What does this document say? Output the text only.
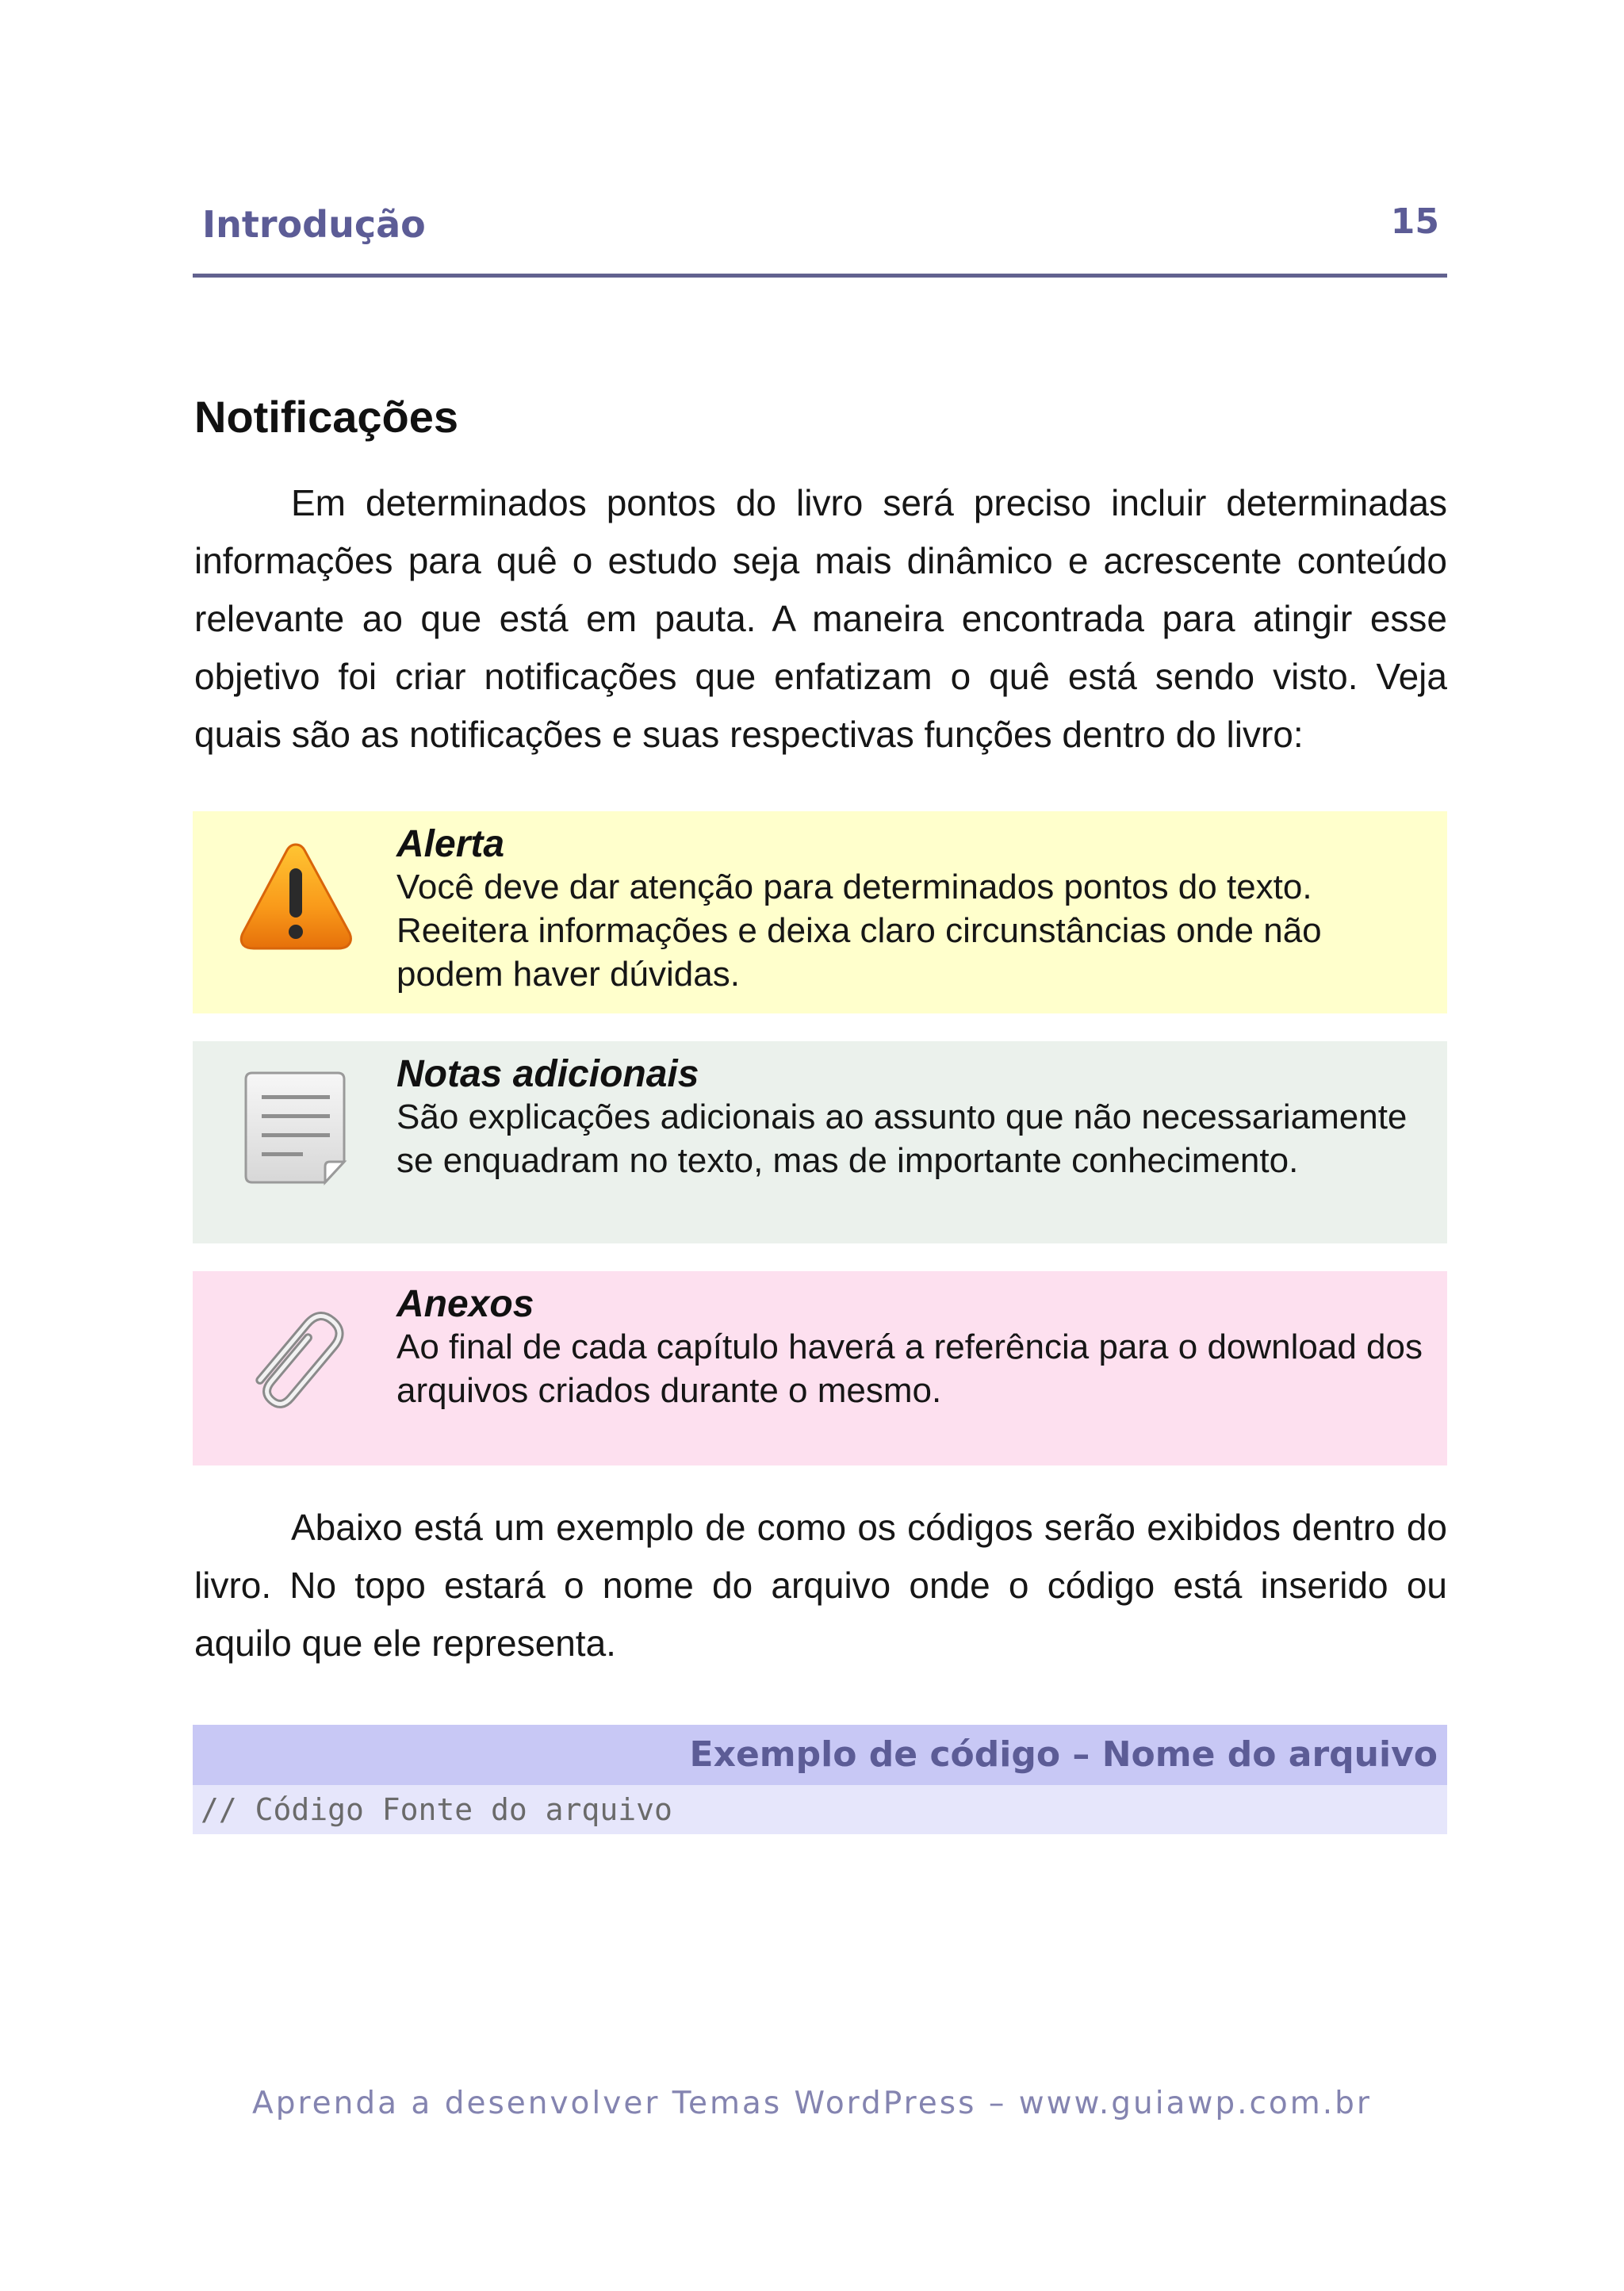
Introdução	15
Notificações

Em determinados pontos do livro será preciso incluir determinadas informações para quê o estudo seja mais dinâmico e acrescente conteúdo relevante ao que está em pauta. A maneira encontrada para atingir esse objetivo foi criar notificações que enfatizam o quê está sendo visto. Veja quais são as notificações e suas respectivas funções dentro do livro:

Alerta
Você deve dar atenção para determinados pontos do texto. Reeitera informações e deixa claro circunstâncias onde não podem haver dúvidas.
Notas adicionais
São explicações adicionais ao assunto que não necessariamente se enquadram no texto, mas de importante conhecimento.
Anexos
Ao final de cada capítulo haverá a referência para o download dos arquivos criados durante o mesmo.

Abaixo está um exemplo de como os códigos serão exibidos dentro do livro. No topo estará o nome do arquivo onde o código está inserido ou aquilo que ele representa.

Exemplo de código – Nome do arquivo
// Código Fonte do arquivo
Aprenda a desenvolver Temas WordPress – www.guiawp.com.br
